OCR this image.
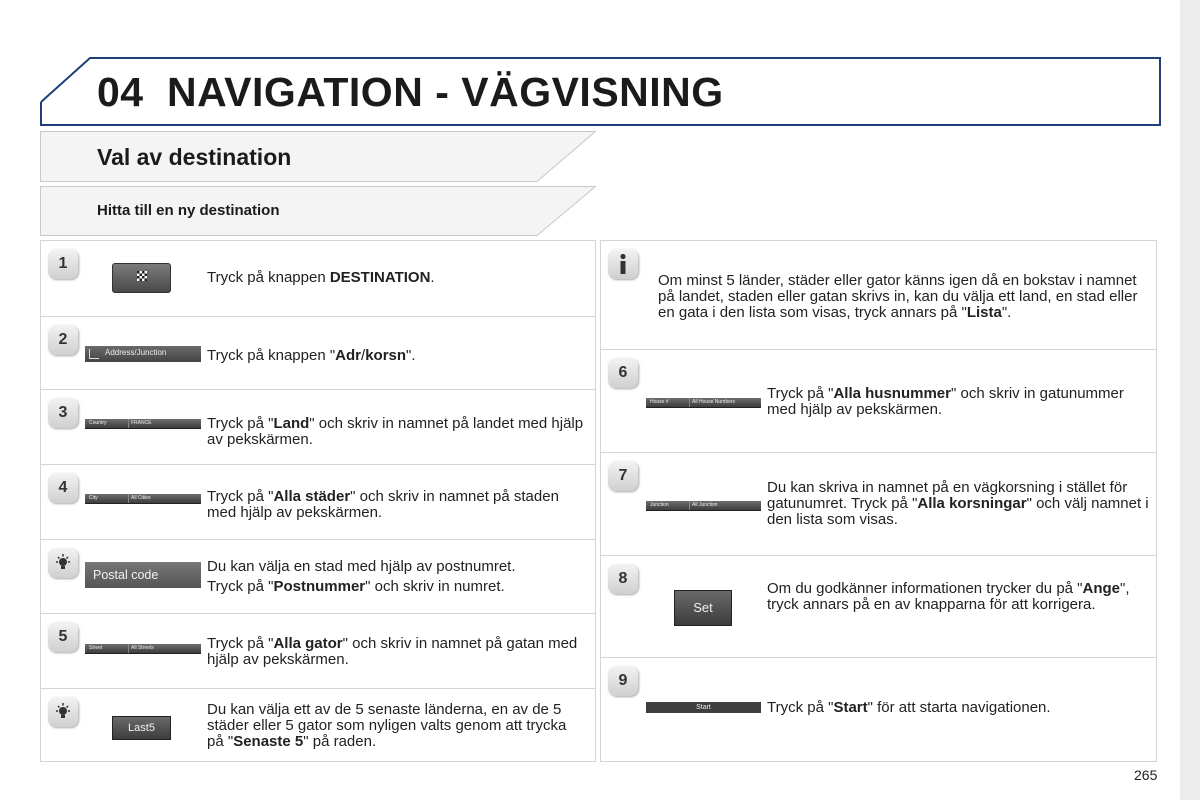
04 NAVIGATION - VÄGVISNING
Val av destination
Hitta till en ny destination
1

Tryck på knappen DESTINATION.

2
Address/Junction	Tryck på knappen "Adr/korsn".

3
Country	FRANCE	Tryck på "Land" och skriv in namnet på landet med hjälp av pekskärmen.

4
City	All Cities	Tryck på "Alla städer" och skriv in namnet på staden med hjälp av pekskärmen.

Postal code	Du kan välja en stad med hjälp av postnumret.

Tryck på "Postnummer" och skriv in numret.

5
Street	All Streets	Tryck på "Alla gator" och skriv in namnet på gatan med hjälp av pekskärmen.

Last5

Du kan välja ett av de 5 senaste länderna, en av de 5 städer eller 5 gator som nyligen valts genom att trycka på "Senaste 5" på raden.

Om minst 5 länder, städer eller gator känns igen då en bokstav i namnet på landet, staden eller gatan skrivs in, kan du välja ett land, en stad eller en gata i den lista som visas, tryck annars på "Lista".

6
House #	All House Numbers Tryck på "Alla husnummer" och skriv in gatunummer med hjälp av pekskärmen.

7
Junction	All Junction

Du kan skriva in namnet på en vägkorsning i stället för gatunumret. Tryck på "Alla korsningar" och välj namnet i den lista som visas.

8
Set

Om du godkänner informationen trycker du på "Ange", tryck annars på en av knapparna för att korrigera.

9
Start	Tryck på "Start" för att starta navigationen.

265
